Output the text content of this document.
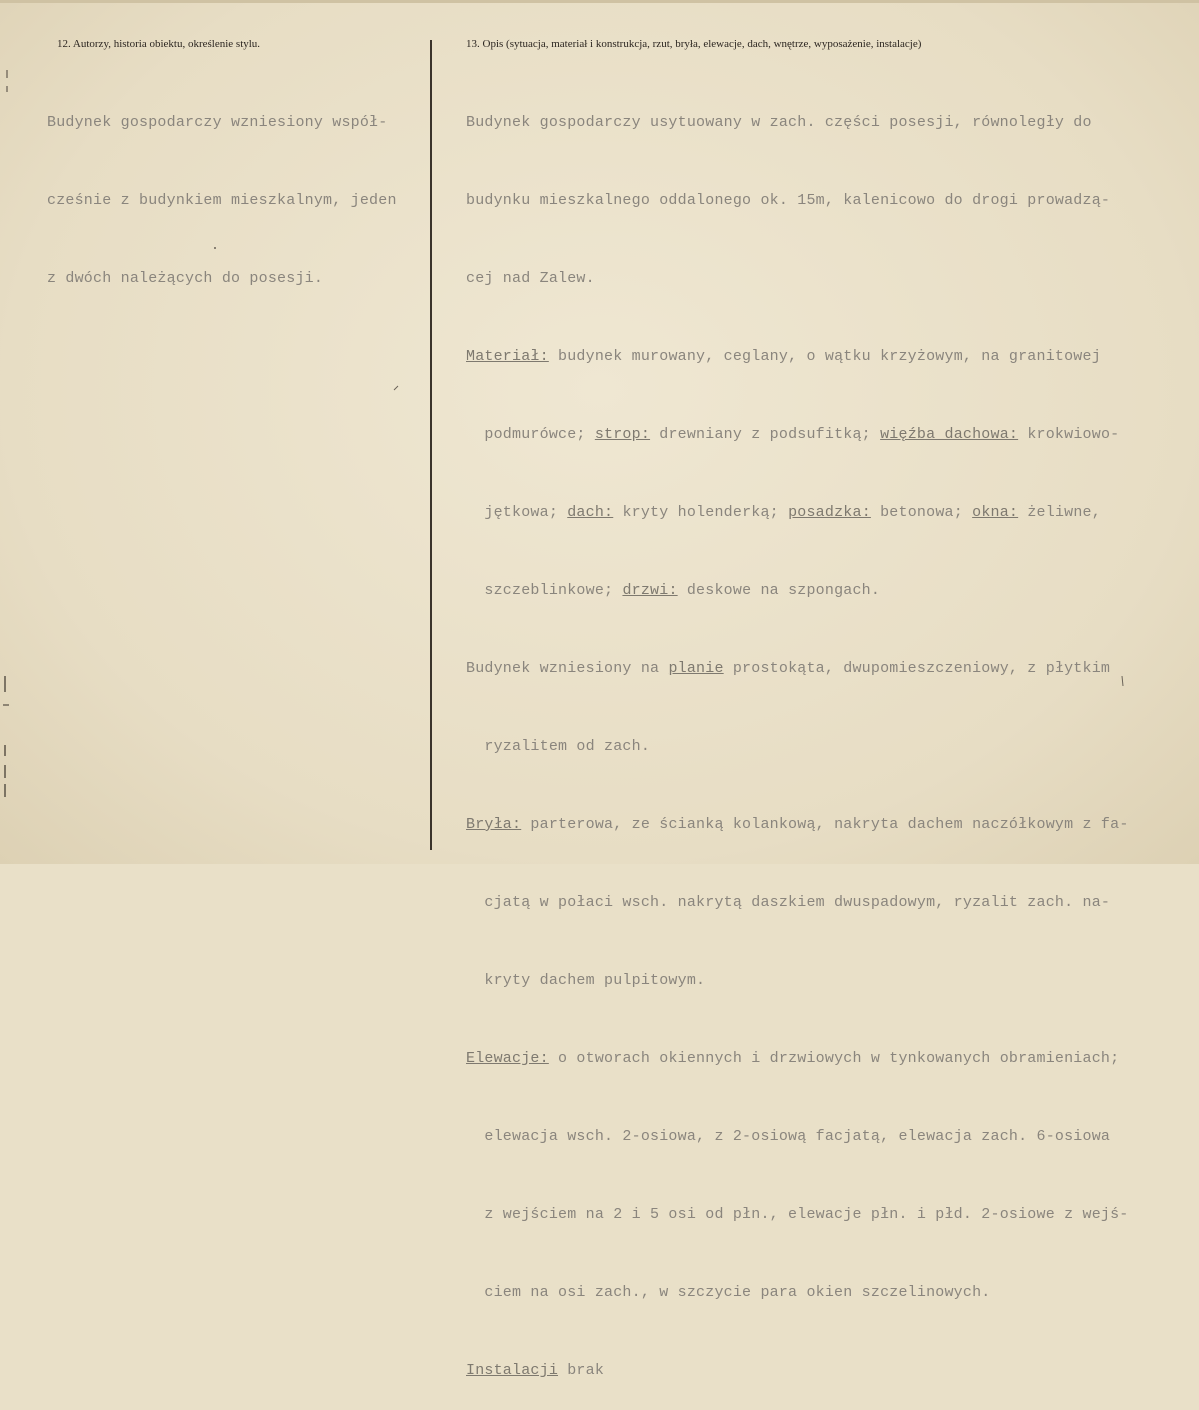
12. Autorzy, historia obiektu, określenie stylu.	13. Opis (sytuacja, materiał i konstrukcja, rzut, bryła, elewacje, dach, wnętrze, wyposażenie, instalacje)

Budynek gospodarczy wzniesiony współ-

cześnie z budynkiem mieszkalnym, jeden

z dwóch należących do posesji.

Budynek gospodarczy usytuowany w zach. części posesji, równoległy do

budynku mieszkalnego oddalonego ok. 15m, kalenicowo do drogi prowadzą-

cej nad Zalew.

Materiał: budynek murowany, ceglany, o wątku krzyżowym, na granitowej

podmurówce; strop: drewniany z podsufitką; więźba dachowa: krokwiowo-

jętkowa; dach: kryty holenderką; posadzka: betonowa; okna: żeliwne,

szczeblinkowe; drzwi: deskowe na szpongach.

Budynek wzniesiony na planie prostokąta, dwupomieszczeniowy, z płytkim

ryzalitem od zach.

Bryła: parterowa, ze ścianką kolankową, nakryta dachem naczółkowym z fa-

cjatą w połaci wsch. nakrytą daszkiem dwuspadowym, ryzalit zach. na-

kryty dachem pulpitowym.

Elewacje: o otworach okiennych i drzwiowych w tynkowanych obramieniach;

elewacja wsch. 2-osiowa, z 2-osiową facjatą, elewacja zach. 6-osiowa

z wejściem na 2 i 5 osi od płn., elewacje płn. i płd. 2-osiowe z wejś-

ciem na osi zach., w szczycie para okien szczelinowych.

Instalacji brak
